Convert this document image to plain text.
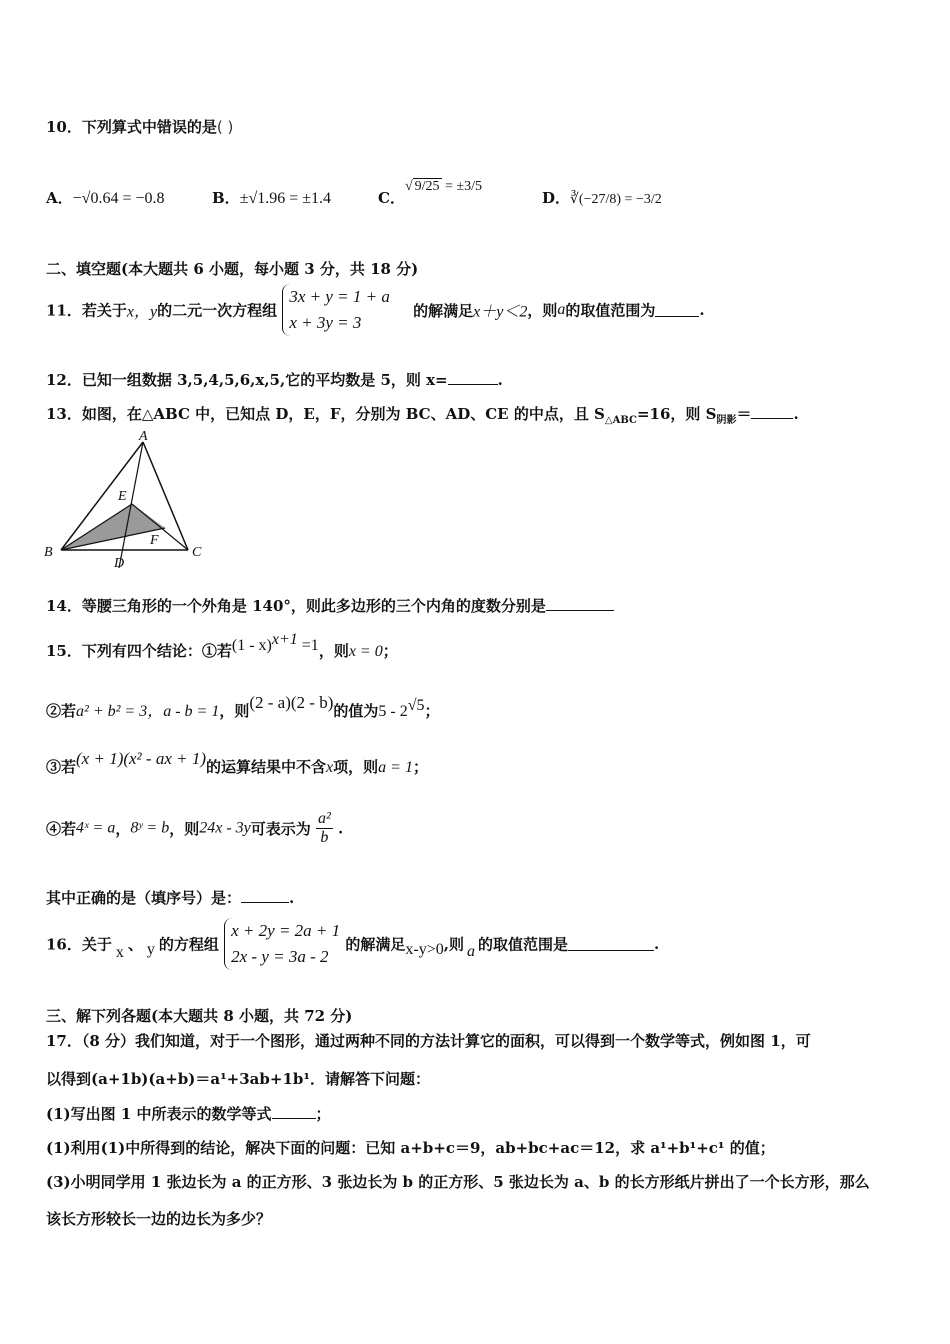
10．下列算式中错误的是( )
A．−√0.64 = −0.8	B．±√1.96 = ±1.4	C．√ 9/25 = ±3/5
D．∛(−27/8) = −3/2
二、填空题(本大题共 6 小题，每小题 3 分，共 18 分)
11．若关于x，y的二元一次方程组
3x + y = 1 + a
x + 3y = 3
的解满足x＋y＜2，则a的取值范围为	.
12．已知一组数据 3,5,4,5,6,x,5,它的平均数是 5，则 x=	.
13．如图，在△ABC 中，已知点 D，E，F，分别为 BC、AD、CE 的中点，且 $S_{\triangle ABC}=16$，则 $S_{阴影}=$	.
A
B	C
D
E
F
14．等腰三角形的一个外角是 140°，则此多边形的三个内角的度数分别是
15．下列有四个结论：①若(1 - x)$^{x+1}$ =1，则x = 0；
②若a² + b² = 3，a - b = 1，则(2 - a)(2 - b)的值为$5 - 2^{√5}$；
③若(x + 1)(x² - ax + 1)的运算结果中不含x项，则a = 1；
④若4ˣ = a，8ʸ = b，则24x - 3y可表示为 $\frac{\text{a²}}{b}$ .
其中正确的是（填序号）是：	.
16．关于 x 、 y 的方程组
x + 2y = 2a + 1
2x - y = 3a - 2
的解满足x-y>0,则 a 的取值范围是	.
三、解下列各题(本大题共 8 小题，共 72 分)
17．（8 分）我们知道，对于一个图形，通过两种不同的方法计算它的面积，可以得到一个数学等式，例如图 1，可
以得到(a+1b)(a+b)＝a¹+3ab+1b¹．请解答下问题：
(1)写出图 1 中所表示的数学等式	；
(1)利用(1)中所得到的结论，解决下面的问题：已知 a+b+c＝9，ab+bc+ac＝12，求 a¹+b¹+c¹ 的值；
(3)小明同学用 1 张边长为 a 的正方形、3 张边长为 b 的正方形、5 张边长为 a、b 的长方形纸片拼出了一个长方形，那么
该长方形较长一边的边长为多少？
